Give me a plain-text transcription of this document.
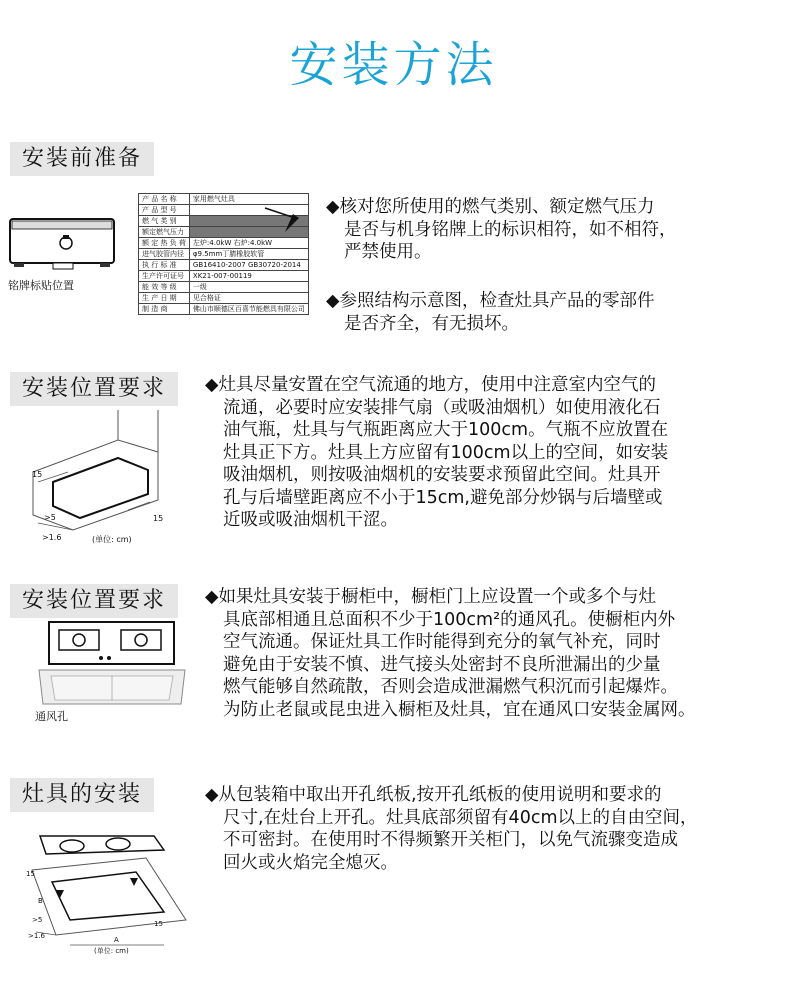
安装方法
安装前准备
铭牌标贴位置
产 品 名 称	家用燃气灶具
产 品 型 号	
燃 气 类 别	
额定燃气压力	
额 定 热 负 荷	左炉:4.0kW 右炉:4.0kW
进气胶管内径	φ9.5mm丁腈橡胶软管
执 行 标 准	GB16410-2007 GB30720-2014
生产许可证号	XK21-007-00119
能 效 等 级	一级
生 产 日 期	见合格证
制 造 商	佛山市顺德区百喜节能燃具有限公司
◆核对您所使用的燃气类别、额定燃气压力
是否与机身铭牌上的标识相符，如不相符，
严禁使用。
◆参照结构示意图，检查灶具产品的零部件
是否齐全，有无损坏。
安装位置要求
15
>5
>1.6
15
(单位: cm)
◆灶具尽量安置在空气流通的地方，使用中注意室内空气的
流通，必要时应安装排气扇（或吸油烟机）如使用液化石
油气瓶，灶具与气瓶距离应大于100cm。气瓶不应放置在
灶具正下方。灶具上方应留有100cm以上的空间，如安装
吸油烟机，则按吸油烟机的安装要求预留此空间。灶具开
孔与后墙壁距离应不小于15cm,避免部分炒锅与后墙壁或
近吸或吸油烟机干涩。
安装位置要求
通风孔
◆如果灶具安装于橱柜中，橱柜门上应设置一个或多个与灶
具底部相通且总面积不少于100cm²的通风孔。使橱柜内外
空气流通。保证灶具工作时能得到充分的氧气补充，同时
避免由于安装不慎、进气接头处密封不良所泄漏出的少量
燃气能够自然疏散，否则会造成泄漏燃气积沉而引起爆炸。
为防止老鼠或昆虫进入橱柜及灶具，宜在通风口安装金属网。
灶具的安装
15
B
>5
>1.6	A
15
(单位: cm)
◆从包装箱中取出开孔纸板,按开孔纸板的使用说明和要求的
尺寸,在灶台上开孔。灶具底部须留有40cm以上的自由空间，
不可密封。在使用时不得频繁开关柜门，以免气流骤变造成
回火或火焰完全熄灭。
